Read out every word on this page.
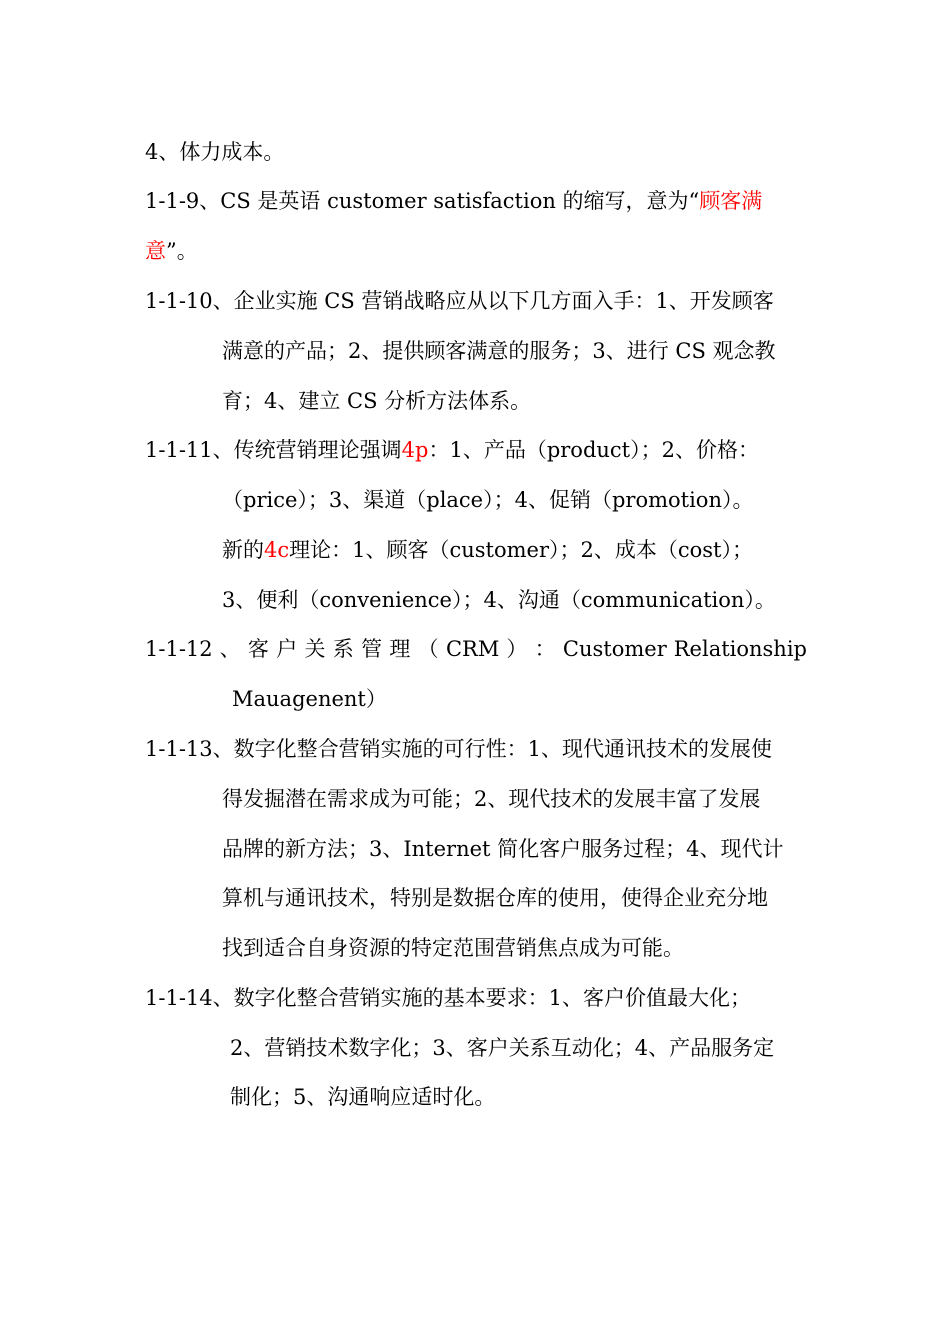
4、体力成本。
1-1-9、CS 是英语 customer satisfaction 的缩写，意为“顾客满
意”。
1-1-10、企业实施 CS 营销战略应从以下几方面入手：1、开发顾客
满意的产品；2、提供顾客满意的服务；3、进行 CS 观念教
育；4、建立 CS 分析方法体系。
1-1-11、传统营销理论强调4p：1、产品（product）；2、价格：
（price）；3、渠道（place）；4、促销（promotion）。
新的4c理论：1、顾客（customer）；2、成本（cost）；
3、便利（convenience）；4、沟通（communication）。
1-1-12 、 客 户 关 系 管 理 （ CRM ） ： Customer Relationship
Mauagenent）
1-1-13、数字化整合营销实施的可行性：1、现代通讯技术的发展使
得发掘潜在需求成为可能；2、现代技术的发展丰富了发展
品牌的新方法；3、Internet 简化客户服务过程；4、现代计
算机与通讯技术，特别是数据仓库的使用，使得企业充分地
找到适合自身资源的特定范围营销焦点成为可能。
1-1-14、数字化整合营销实施的基本要求：1、客户价值最大化；
2、营销技术数字化；3、客户关系互动化；4、产品服务定
制化；5、沟通响应适时化。
